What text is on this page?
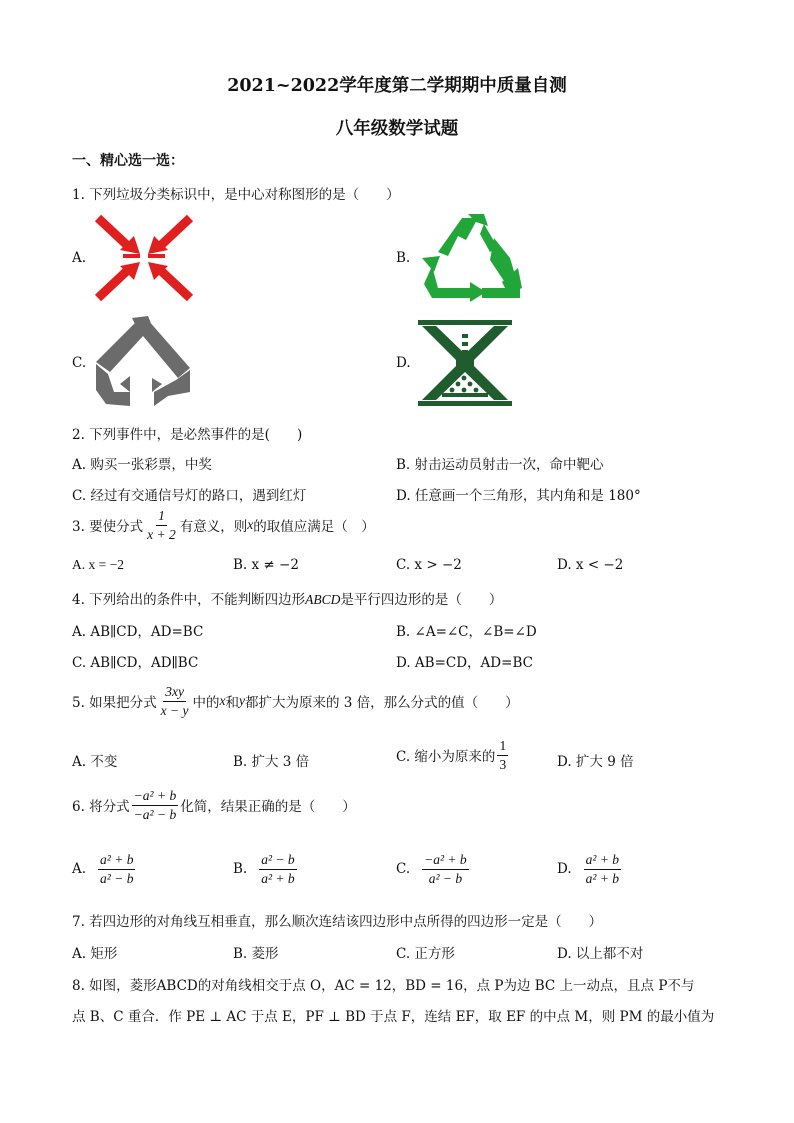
2021~2022学年度第二学期期中质量自测
八年级数学试题
一、精心选一选：
1. 下列垃圾分类标识中，是中心对称图形的是（　　）
A.	B.
C.	D.
2. 下列事件中，是必然事件的是(　　)
A. 购买一张彩票，中奖	B. 射击运动员射击一次，命中靶心
C. 经过有交通信号灯的路口，遇到红灯	D. 任意画一个三角形，其内角和是 180°
3. 要使分式 $\frac{1}{x + 2}$ 有意义，则 x 的取值应满足（　）
A. x = −2	B. x ≠ −2	C. x > −2	D. x < −2
4. 下列给出的条件中，不能判断四边形ABCD是平行四边形的是（　　）
A. AB∥CD，AD=BC	B. ∠A=∠C，∠B=∠D
C. AB∥CD，AD∥BC	D. AB=CD，AD=BC
5. 如果把分式 $\frac{3xy}{x - y}$ 中的 x 和 y 都扩大为原来的 3 倍，那么分式的值（　　）
A. 不变	B. 扩大 3 倍	C. 缩小为原来的 $\frac{1}{3}$	D. 扩大 9 倍
6. 将分式 $\frac{\text{−a² + b}}{\text{−a² − b}}$ 化简，结果正确的是（　　）
A. $\frac{\text{a² + b}}{\text{a² − b}}$	B. $\frac{\text{a² − b}}{\text{a² + b}}$	C. $\frac{\text{−a² + b}}{\text{a² − b}}$	D. $\frac{\text{a² + b}}{\text{a² + b}}$
7. 若四边形的对角线互相垂直，那么顺次连结该四边形中点所得的四边形一定是（　　）
A. 矩形	B. 菱形	C. 正方形	D. 以上都不对
8. 如图，菱形ABCD的对角线相交于点 O，AC = 12，BD = 16，点 P为边 BC 上一动点，且点 P不与
点 B、C 重合．作 PE ⊥ AC 于点 E，PF ⊥ BD 于点 F，连结 EF，取 EF 的中点 M，则 PM 的最小值为
